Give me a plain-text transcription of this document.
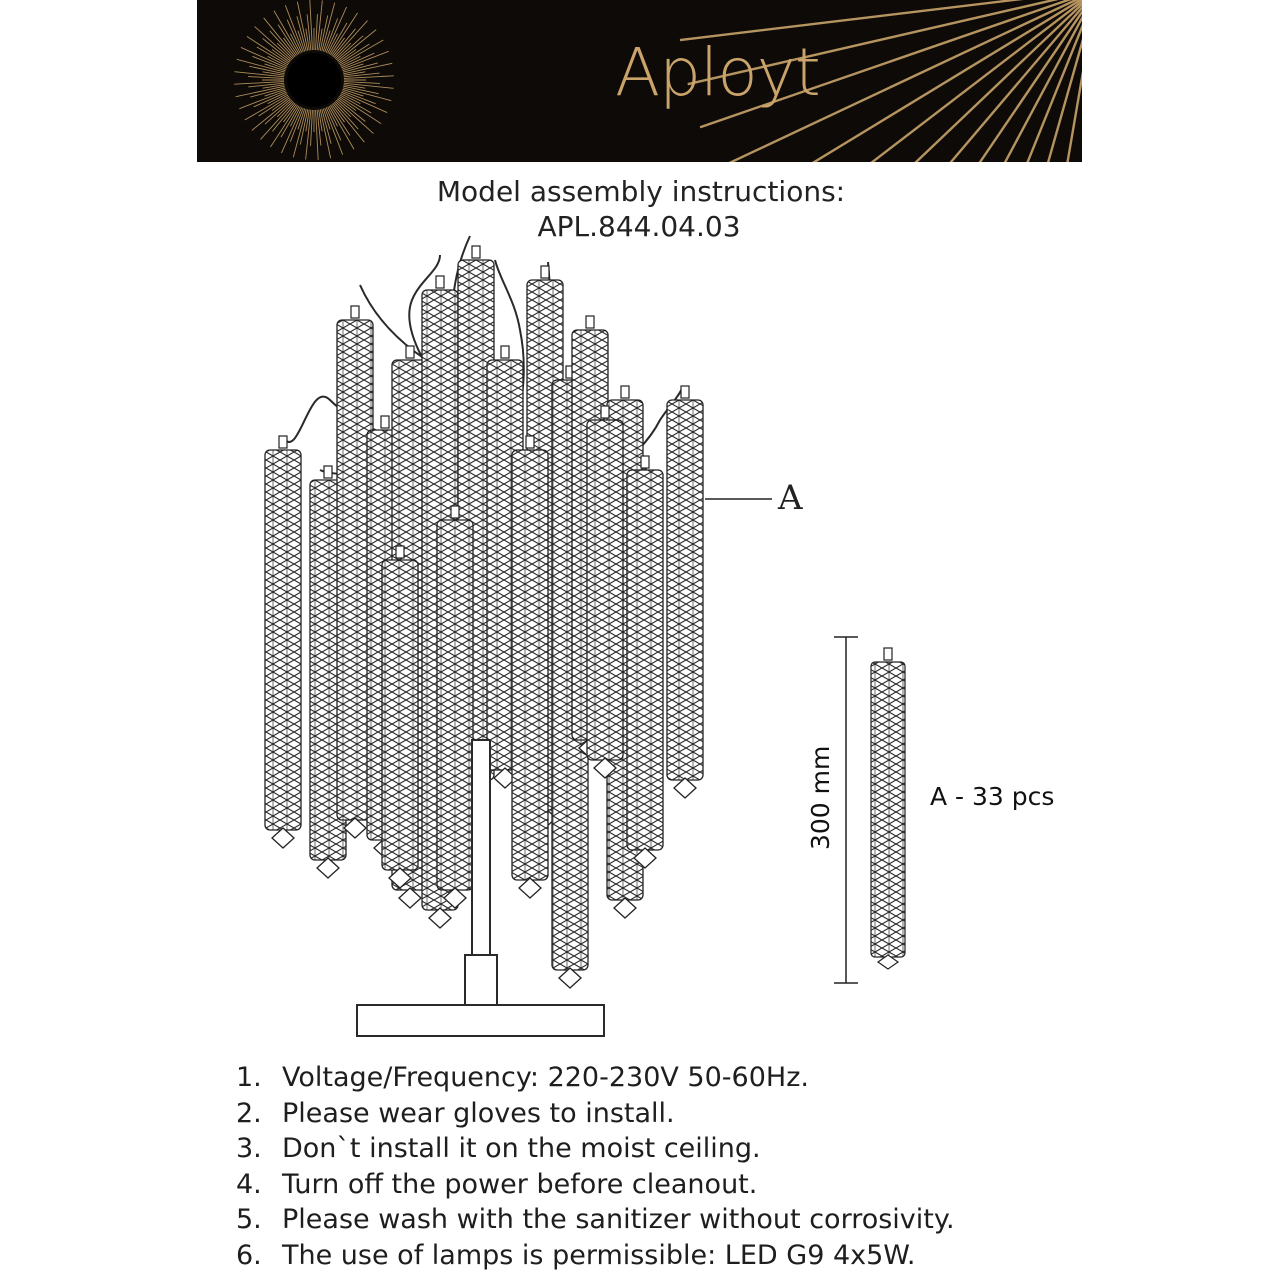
Aployt
Model assembly instructions:
APL.844.04.03
A
300 mm	A - 33 pcs
1. Voltage/Frequency: 220-230V 50-60Hz.
2. Please wear gloves to install.
3. Don`t install it on the moist ceiling.
4. Turn off the power before cleanout.
5. Please wash with the sanitizer without corrosivity.
6. The use of lamps is permissible: LED G9 4x5W.
